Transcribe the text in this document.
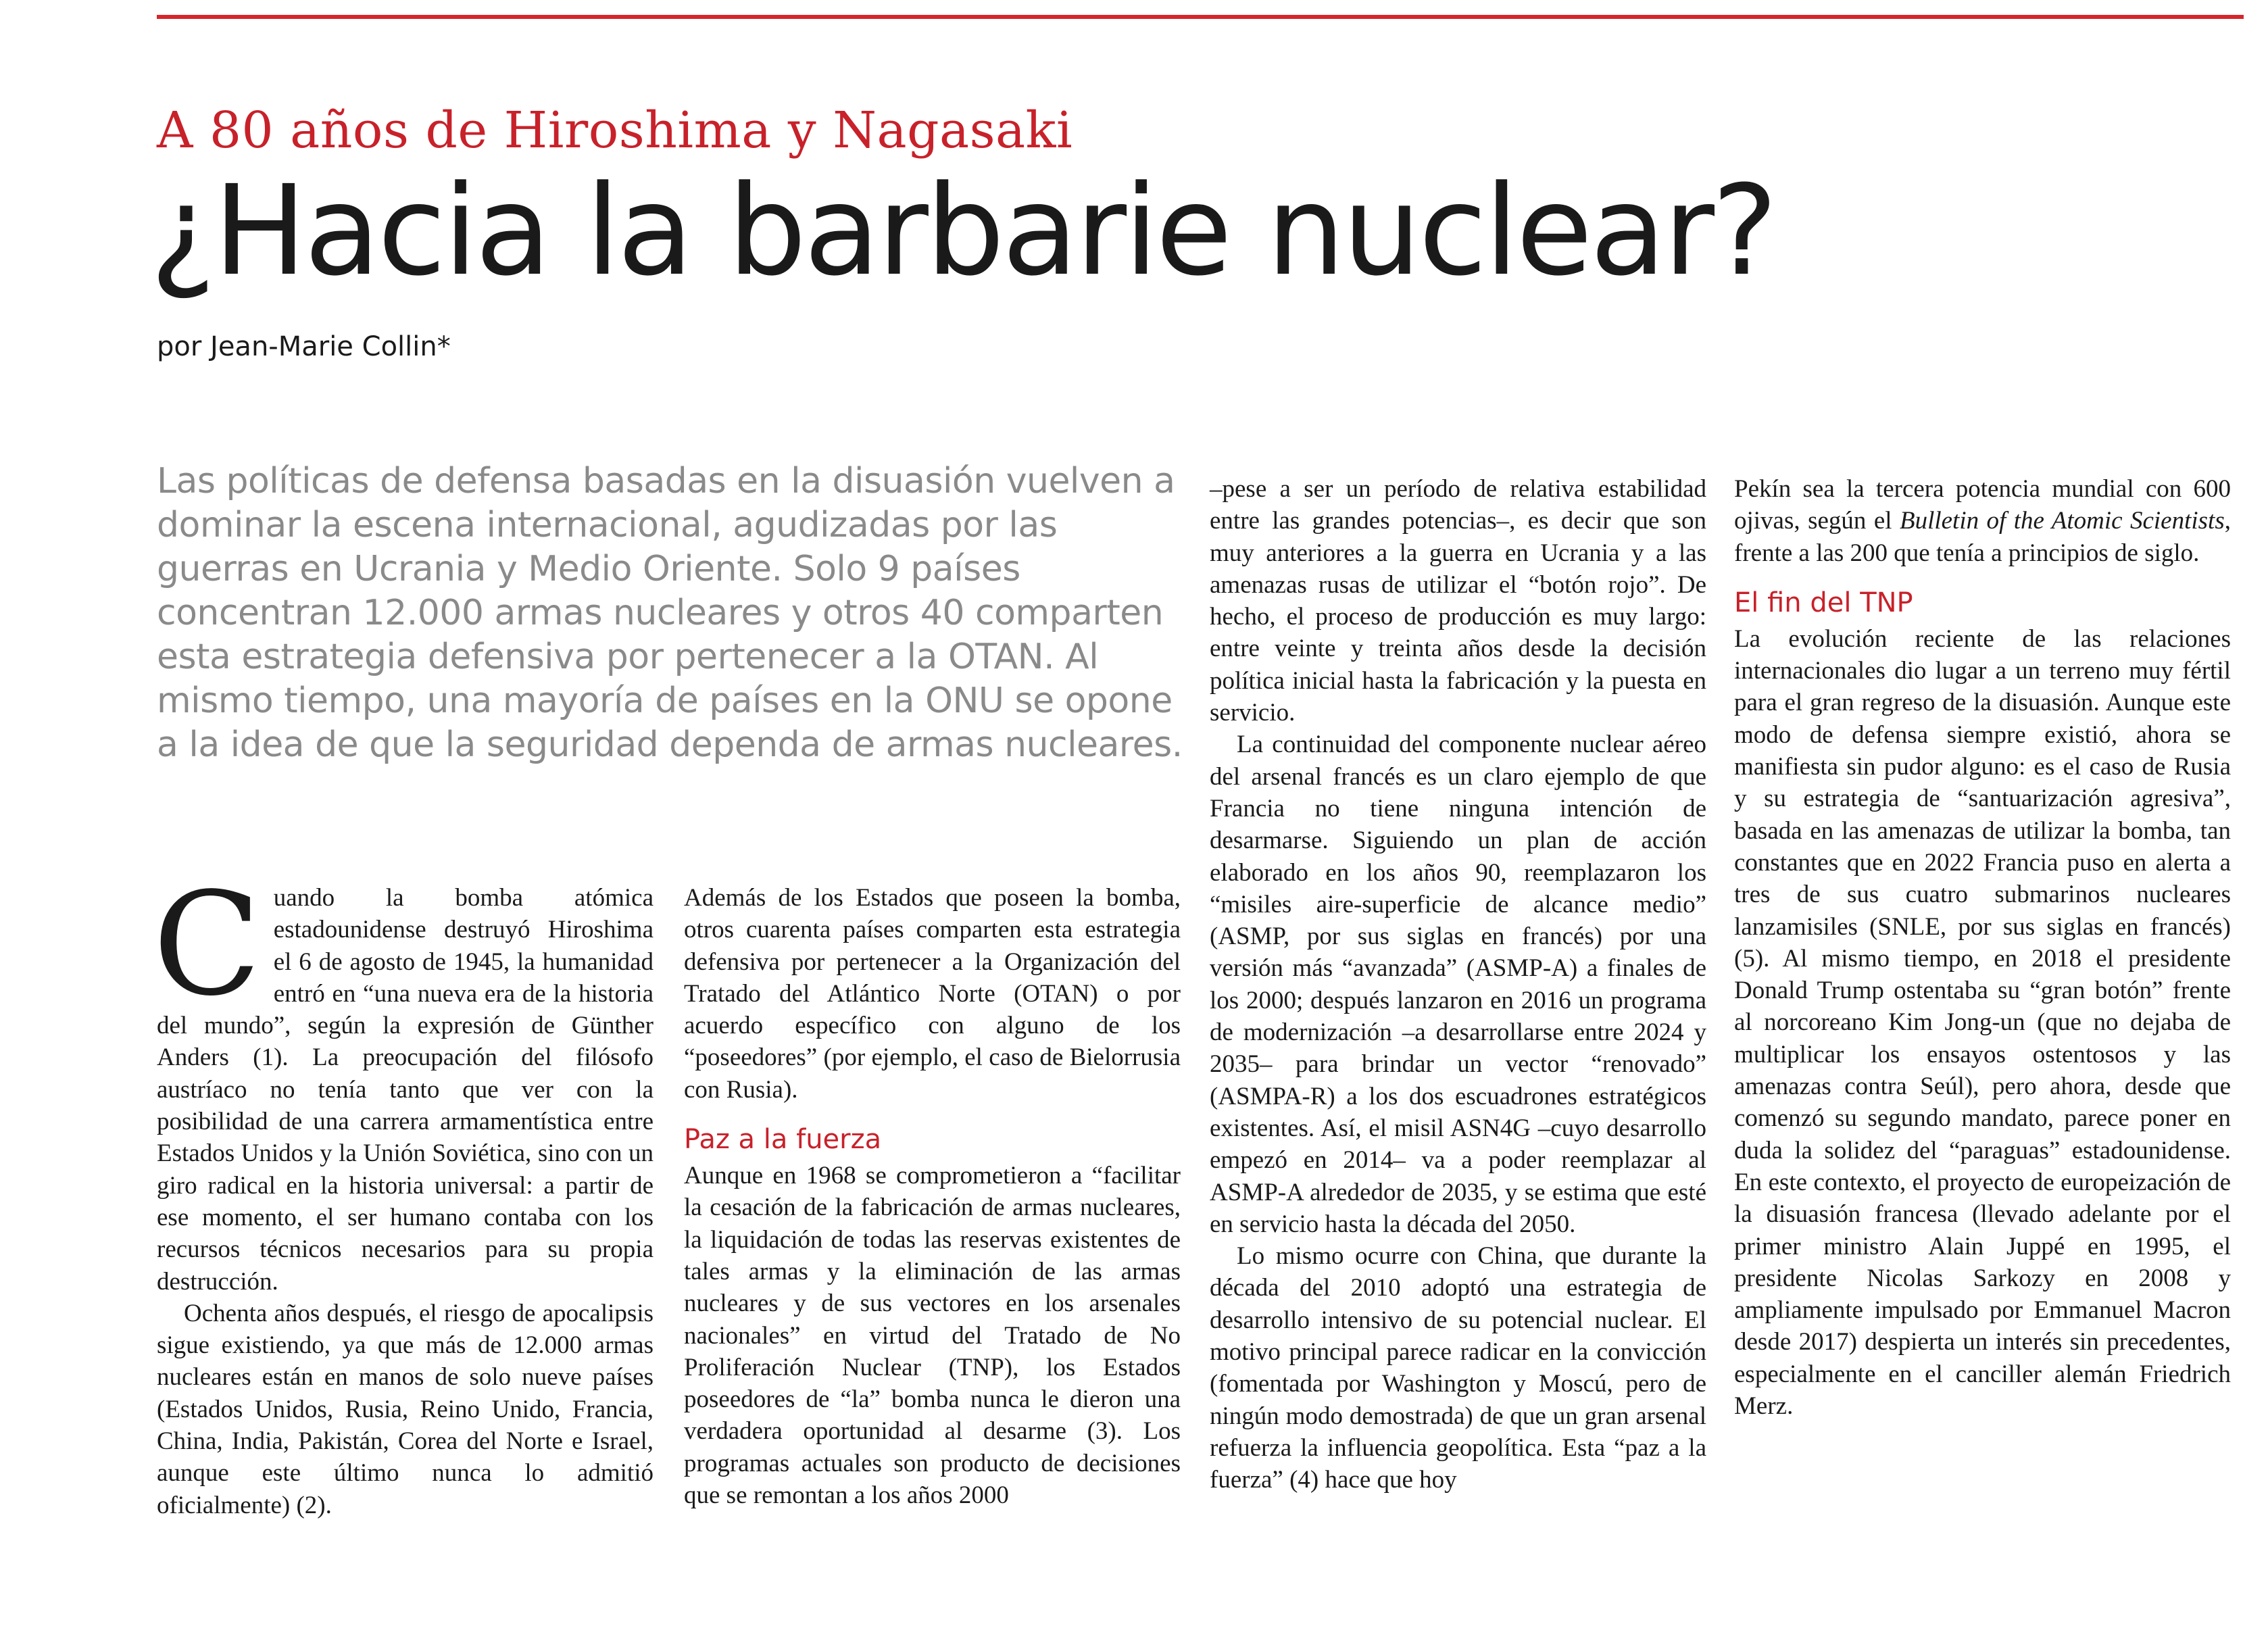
A 80 años de Hiroshima y Nagasaki
¿Hacia la barbarie nuclear?
por Jean-Marie Collin*
Las políticas de defensa basadas en la disuasión vuelven a dominar la escena internacional, agudizadas por las guerras en Ucrania y Medio Oriente. Solo 9 países concentran 12.000 armas nucleares y otros 40 comparten esta estrategia defensiva por pertenecer a la OTAN. Al mismo tiempo, una mayoría de países en la ONU se opone a la idea de que la seguridad dependa de armas nucleares.
C uando la bomba atómica estadounidense destruyó Hiroshima el 6 de agosto de 1945, la humanidad entró en “una nueva era de la historia del mundo”, según la expresión de Günther Anders (1). La preocupación del filósofo austríaco no tenía tanto que ver con la posibilidad de una carrera armamentística entre Estados Unidos y la Unión Soviética, sino con un giro radical en la historia universal: a partir de ese momento, el ser humano contaba con los recursos técnicos necesarios para su propia destrucción.

Ochenta años después, el riesgo de apocalipsis sigue existiendo, ya que más de 12.000 armas nucleares están en manos de solo nueve países (Estados Unidos, Rusia, Reino Unido, Francia, China, India, Pakistán, Corea del Norte e Israel, aunque este último nunca lo admitió oficialmente) (2).

Además de los Estados que poseen la bomba, otros cuarenta países comparten esta estrategia defensiva por pertenecer a la Organización del Tratado del Atlántico Norte (OTAN) o por acuerdo específico con alguno de los “poseedores” (por ejemplo, el caso de Bielorrusia con Rusia).

Paz a la fuerza

Aunque en 1968 se comprometieron a “facilitar la cesación de la fabricación de armas nucleares, la liquidación de todas las reservas existentes de tales armas y la eliminación de las armas nucleares y de sus vectores en los arsenales nacionales” en virtud del Tratado de No Proliferación Nuclear (TNP), los Estados poseedores de “la” bomba nunca le dieron una verdadera oportunidad al desarme (3). Los programas actuales son producto de decisiones que se remontan a los años 2000

–pese a ser un período de relativa estabilidad entre las grandes potencias–, es decir que son muy anteriores a la guerra en Ucrania y a las amenazas rusas de utilizar el “botón rojo”. De hecho, el proceso de producción es muy largo: entre veinte y treinta años desde la decisión política inicial hasta la fabricación y la puesta en servicio.

La continuidad del componente nuclear aéreo del arsenal francés es un claro ejemplo de que Francia no tiene ninguna intención de desarmarse. Siguiendo un plan de acción elaborado en los años 90, reemplazaron los “misiles aire-superficie de alcance medio” (ASMP, por sus siglas en francés) por una versión más “avanzada” (ASMP-A) a finales de los 2000; después lanzaron en 2016 un programa de modernización –a desarrollarse entre 2024 y 2035– para brindar un vector “renovado” (ASMPA-R) a los dos escuadrones estratégicos existentes. Así, el misil ASN4G –cuyo desarrollo empezó en 2014– va a poder reemplazar al ASMP-A alrededor de 2035, y se estima que esté en servicio hasta la década del 2050.

Lo mismo ocurre con China, que durante la década del 2010 adoptó una estrategia de desarrollo intensivo de su potencial nuclear. El motivo principal parece radicar en la convicción (fomentada por Washington y Moscú, pero de ningún modo demostrada) de que un gran arsenal refuerza la influencia geopolítica. Esta “paz a la fuerza” (4) hace que hoy

Pekín sea la tercera potencia mundial con 600 ojivas, según el Bulletin of the Atomic Scientists, frente a las 200 que tenía a principios de siglo.

El fin del TNP

La evolución reciente de las relaciones internacionales dio lugar a un terreno muy fértil para el gran regreso de la disuasión. Aunque este modo de defensa siempre existió, ahora se manifiesta sin pudor alguno: es el caso de Rusia y su estrategia de “santuarización agresiva”, basada en las amenazas de utilizar la bomba, tan constantes que en 2022 Francia puso en alerta a tres de sus cuatro submarinos nucleares lanzamisiles (SNLE, por sus siglas en francés) (5). Al mismo tiempo, en 2018 el presidente Donald Trump ostentaba su “gran botón” frente al norcoreano Kim Jong-un (que no dejaba de multiplicar los ensayos ostentosos y las amenazas contra Seúl), pero ahora, desde que comenzó su segundo mandato, parece poner en duda la solidez del “paraguas” estadounidense. En este contexto, el proyecto de europeización de la disuasión francesa (llevado adelante por el primer ministro Alain Juppé en 1995, el presidente Nicolas Sarkozy en 2008 y ampliamente impulsado por Emmanuel Macron desde 2017) despierta un interés sin precedentes, especialmente en el canciller alemán Friedrich Merz.
